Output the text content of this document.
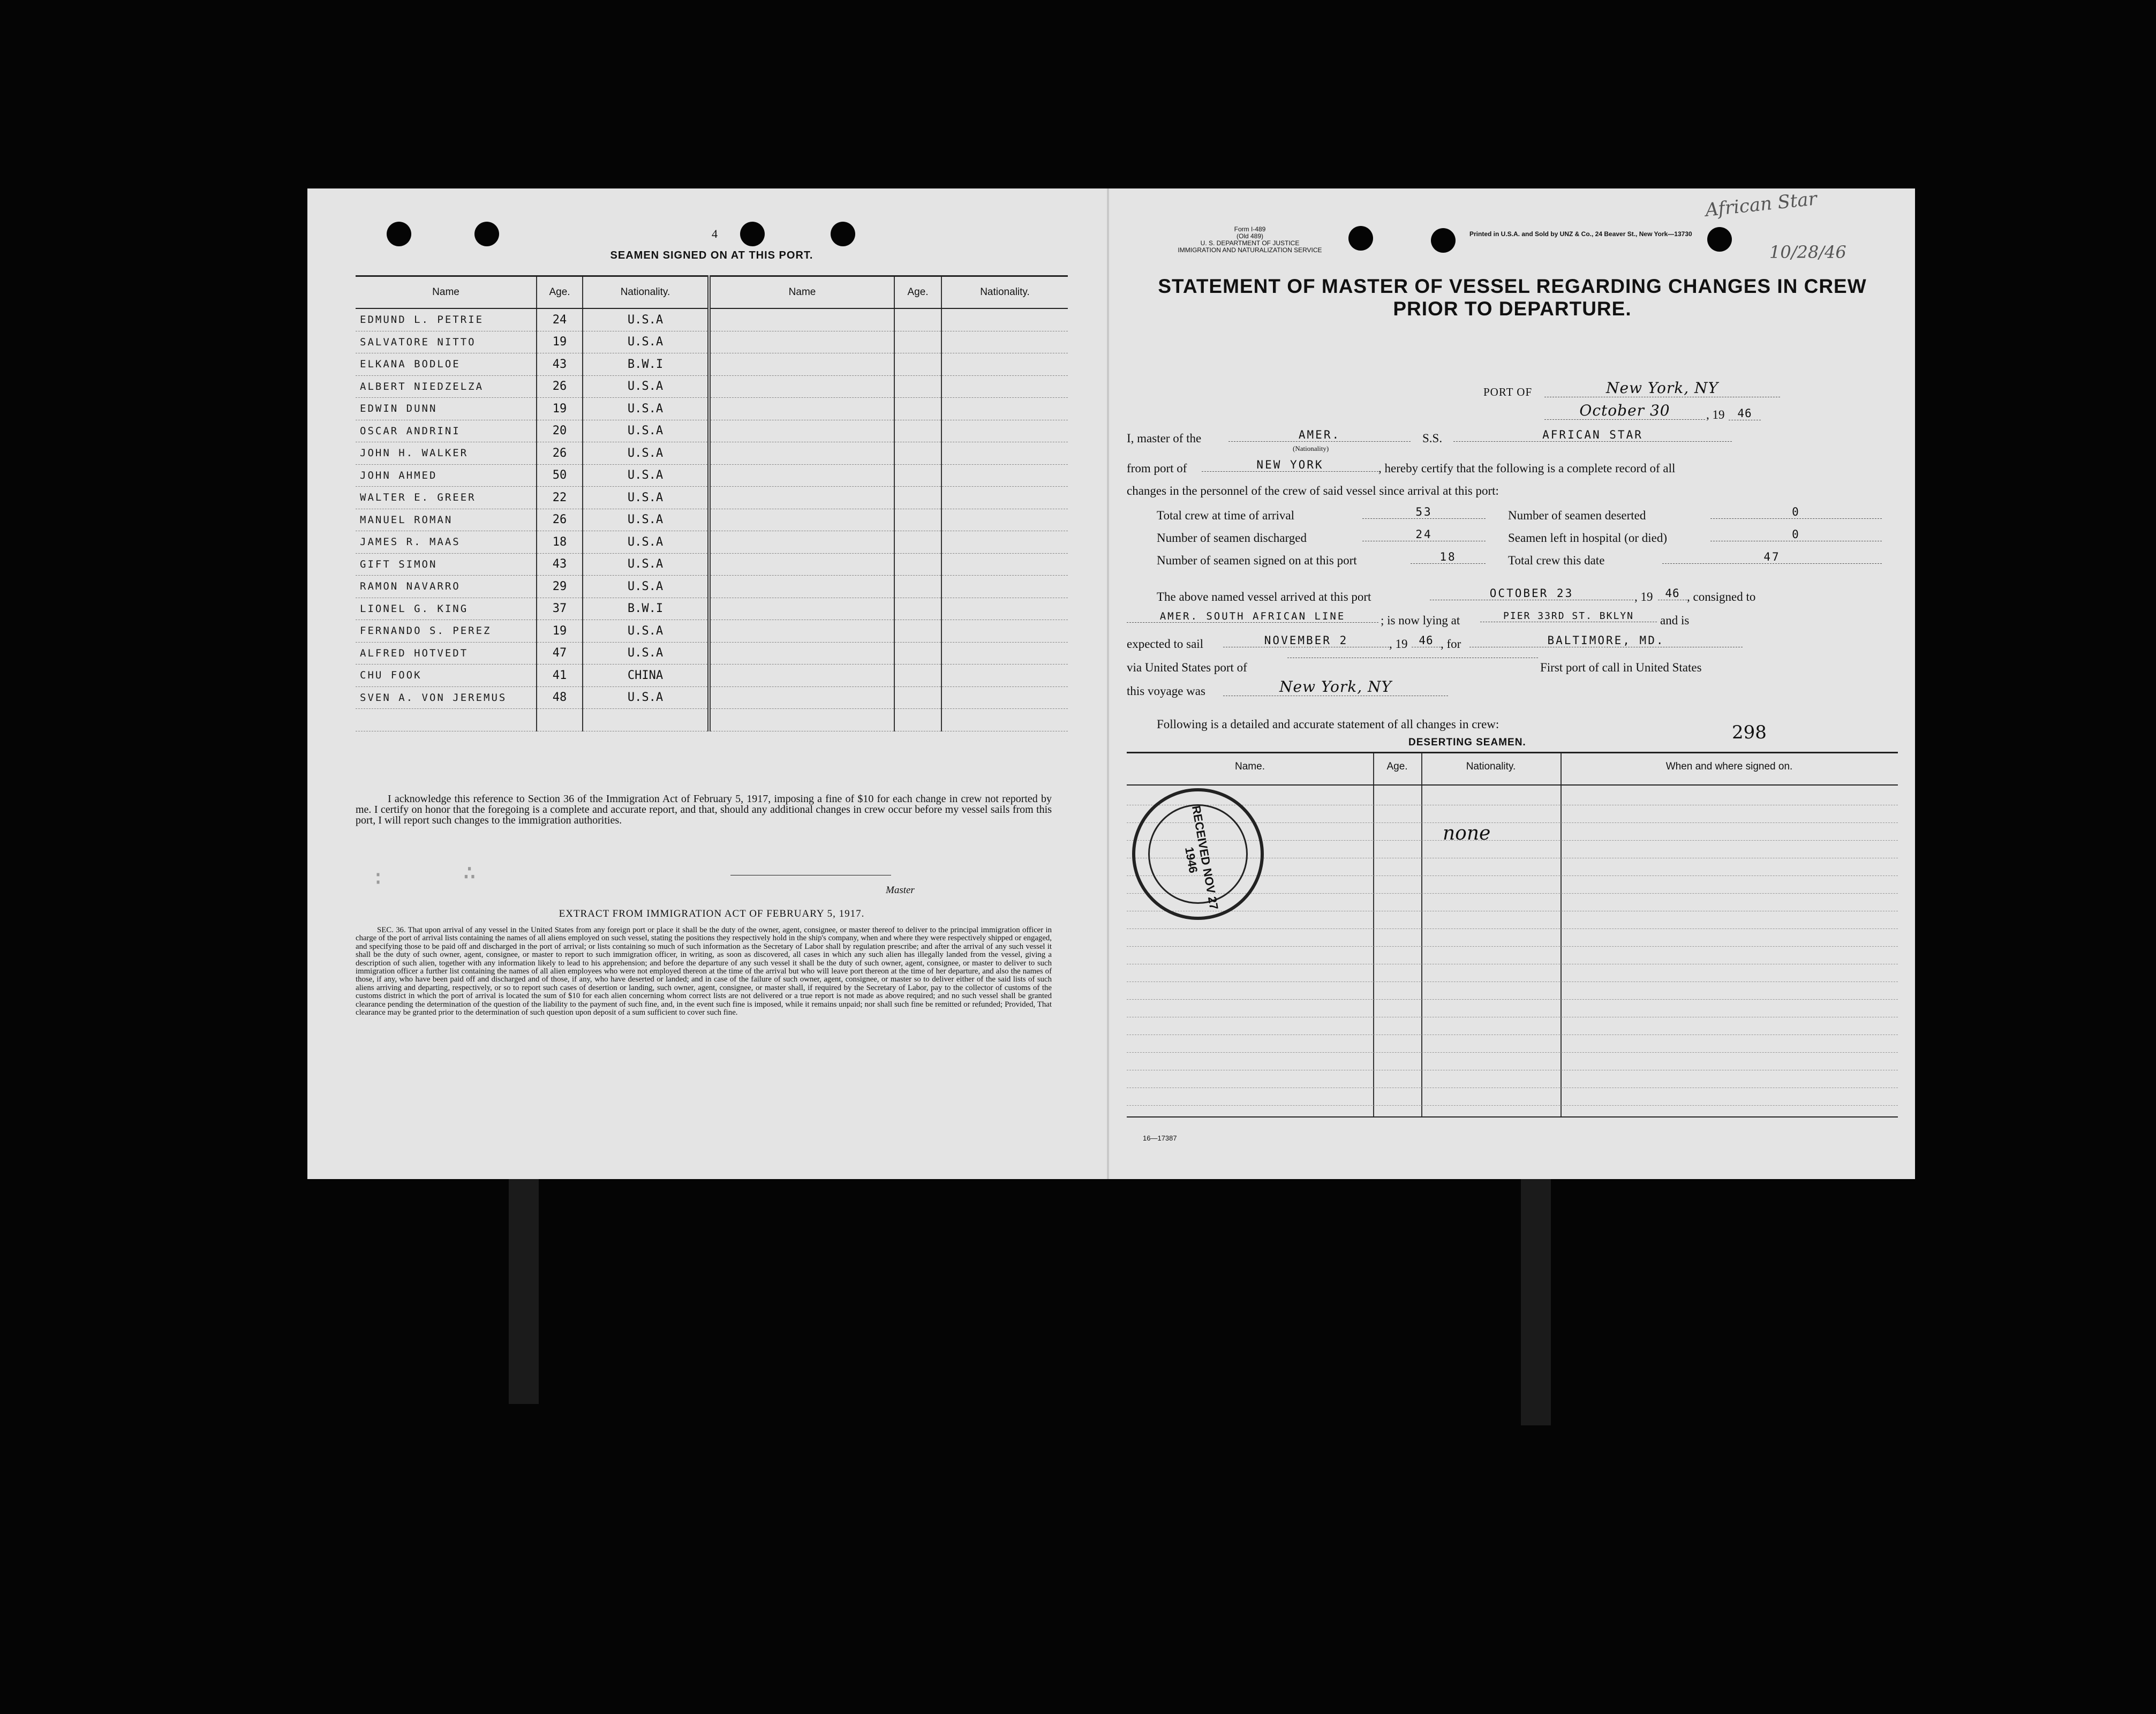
4
SEAMEN SIGNED ON AT THIS PORT.
Name	Age.	Nationality.	Name	Age.	Nationality.
EDMUND L. PETRIE	24	U.S.A			
SALVATORE NITTO	19	U.S.A			
ELKANA BODLOE	43	B.W.I			
ALBERT NIEDZELZA	26	U.S.A			
EDWIN DUNN	19	U.S.A			
OSCAR ANDRINI	20	U.S.A			
JOHN H. WALKER	26	U.S.A			
JOHN AHMED	50	U.S.A			
WALTER E. GREER	22	U.S.A			
MANUEL ROMAN	26	U.S.A			
JAMES R. MAAS	18	U.S.A			
GIFT SIMON	43	U.S.A			
RAMON NAVARRO	29	U.S.A			
LIONEL G. KING	37	B.W.I			
FERNANDO S. PEREZ	19	U.S.A			
ALFRED HOTVEDT	47	U.S.A			
CHU FOOK	41	CHINA			
SVEN A. VON JEREMUS	48	U.S.A			

I acknowledge this reference to Section 36 of the Immigration Act of February 5, 1917, imposing a fine of $10 for each change in crew not reported by me. I certify on honor that the foregoing is a complete and accurate report, and that, should any additional changes in crew occur before my vessel sails from this port, I will report such changes to the immigration authorities.
∶	∴
Master
EXTRACT FROM IMMIGRATION ACT OF FEBRUARY 5, 1917.
SEC. 36. That upon arrival of any vessel in the United States from any foreign port or place it shall be the duty of the owner, agent, consignee, or master thereof to deliver to the principal immigration officer in charge of the port of arrival lists containing the names of all aliens employed on such vessel, stating the positions they respectively hold in the ship's company, when and where they were respectively shipped or engaged, and specifying those to be paid off and discharged in the port of arrival; or lists containing so much of such information as the Secretary of Labor shall by regulation prescribe; and after the arrival of any such vessel it shall be the duty of such owner, agent, consignee, or master to report to such immigration officer, in writing, as soon as discovered, all cases in which any such alien has illegally landed from the vessel, giving a description of such alien, together with any information likely to lead to his apprehension; and before the departure of any such vessel it shall be the duty of such owner, agent, consignee, or master to deliver to such immigration officer a further list containing the names of all alien employees who were not employed thereon at the time of the arrival but who will leave port thereon at the time of her departure, and also the names of those, if any, who have been paid off and discharged and of those, if any, who have deserted or landed; and in case of the failure of such owner, agent, consignee, or master so to deliver either of the said lists of such aliens arriving and departing, respectively, or so to report such cases of desertion or landing, such owner, agent, consignee, or master shall, if required by the Secretary of Labor, pay to the collector of customs of the customs district in which the port of arrival is located the sum of $10 for each alien concerning whom correct lists are not delivered or a true report is not made as above required; and no such vessel shall be granted clearance pending the determination of the question of the liability to the payment of such fine, and, in the event such fine is imposed, while it remains unpaid; nor shall such fine be remitted or refunded; Provided, That clearance may be granted prior to the determination of such question upon deposit of a sum sufficient to cover such fine.
Form I-489
(Old 489)
U. S. DEPARTMENT OF JUSTICE
IMMIGRATION AND NATURALIZATION SERVICE
Printed in U.S.A. and Sold by UNZ & Co., 24 Beaver St., New York—13730
African Star
10/28/46
STATEMENT OF MASTER OF VESSEL REGARDING CHANGES IN CREW PRIOR TO DEPARTURE.
PORT OF	New York, NY
October 30	, 19	46
I, master of the	AMER.
(Nationality)
S.S.	AFRICAN STAR
from port of	NEW YORK	, hereby certify that the following is a complete record of all
changes in the personnel of the crew of said vessel since arrival at this port:
Total crew at time of arrival	53
Number of seamen discharged	24
Number of seamen signed on at this port	18
Number of seamen deserted	0
Seamen left in hospital (or died)	0
Total crew this date	47
The above named vessel arrived at this port	OCTOBER 23	, 19	46 , consigned to
AMER. SOUTH AFRICAN LINE	; is now lying at	PIER 33RD ST. BKLYN	and is
expected to sail	NOVEMBER 2	, 19 46 , for	BALTIMORE, MD.
via United States port of	First port of call in United States
this voyage was	New York, NY
Following is a detailed and accurate statement of all changes in crew:	298
DESERTING SEAMEN.
Name.	Age.	Nationality.	When and where signed on.
RECEIVED NOV 27 1946
none
16—17387
